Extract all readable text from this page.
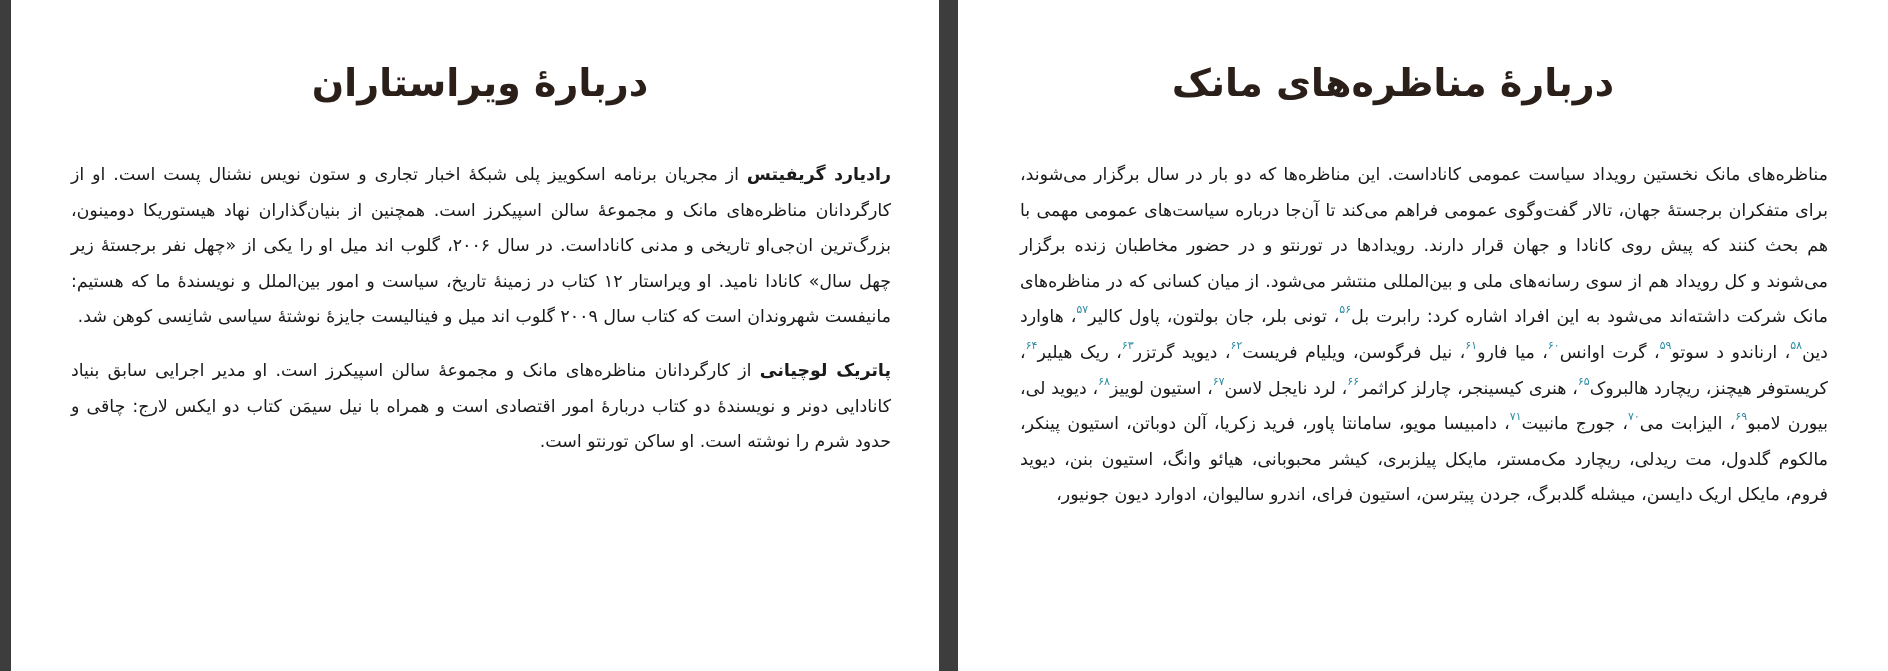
دربارهٔ ویراستاران

رادیارد گریفیتس از مجریان برنامه اسکوییز پلی شبکهٔ اخبار تجاری و ستون نویس نشنال پست است. او از کارگردانان مناظره‌های مانک و مجموعهٔ سالن اسپیکرز است. همچنین از بنیان‌گذاران نهاد هیستوریکا دومینون، بزرگ‌ترین ان‌جی‌او تاریخی و مدنی کاناداست. در سال ۲۰۰۶، گلوب اند میل او را یکی از «چهل نفر برجستهٔ زیر چهل سال» کانادا نامید. او ویراستار ۱۲ کتاب در زمینهٔ تاریخ، سیاست و امور بین‌الملل و نویسندهٔ ما که هستیم: مانیفست شهروندان است که کتاب سال ۲۰۰۹ گلوب اند میل و فینالیست جایزهٔ نوشتهٔ سیاسی شانِسی کوهن شد.

پاتریک لوچیانی از کارگردانان مناظره‌های مانک و مجموعهٔ سالن اسپیکرز است. او مدیر اجرایی سابق بنیاد کانادایی دونر و نویسندهٔ دو کتاب دربارهٔ امور اقتصادی است و همراه با نیل سیمَن کتاب دو ایکس لارج: چاقی و حدود شرم را نوشته است. او ساکن تورنتو است.

دربارهٔ مناظره‌های مانک

مناظره‌های مانک نخستین رویداد سیاست عمومی کاناداست. این مناظره‌ها که دو بار در سال برگزار می‌شوند، برای متفکران برجستهٔ جهان، تالار گفت‌وگوی عمومی فراهم می‌کند تا آن‌جا درباره سیاست‌های عمومی مهمی با هم بحث کنند که پیش روی کانادا و جهان قرار دارند. رویدادها در تورنتو و در حضور مخاطبان زنده برگزار می‌شوند و کل رویداد هم از سوی رسانه‌های ملی و بین‌المللی منتشر می‌شود. از میان کسانی که در مناظره‌های مانک شرکت داشته‌اند می‌شود به این افراد اشاره کرد: رابرت بل$^{۵۶}$، تونی بلر، جان بولتون، پاول کالیر$^{۵۷}$، هاوارد دین$^{۵۸}$، ارناندو د سوتو$^{۵۹}$، گرت اوانس$^{۶۰}$، میا فارو$^{۶۱}$، نیل فرگوسن، ویلیام فریست$^{۶۲}$، دیوید گرتزر$^{۶۳}$، ریک هیلیر$^{۶۴}$، کریستوفر هیچنز، ریچارد هالبروک$^{۶۵}$، هنری کیسینجر، چارلز کراثمر$^{۶۶}$، لرد نایجل لاسن$^{۶۷}$، استیون لوییز$^{۶۸}$، دیوید لی، بیورن لامبو$^{۶۹}$، الیزابت می$^{۷۰}$، جورج مانبیت$^{۷۱}$، دامبیسا مویو، سامانتا پاور، فرید زکریا، آلن دوباتن، استیون پینکر، مالکوم گلدول، مت ریدلی، ریچارد مک‌مستر، مایکل پیلزبری، کیشر محبوبانی، هیائو وانگ، استیون بنن، دیوید فروم، مایکل اریک دایسن، میشله گلدبرگ، جردن پیترسن، استیون فرای، اندرو سالیوان، ادوارد دیون جونیور،
